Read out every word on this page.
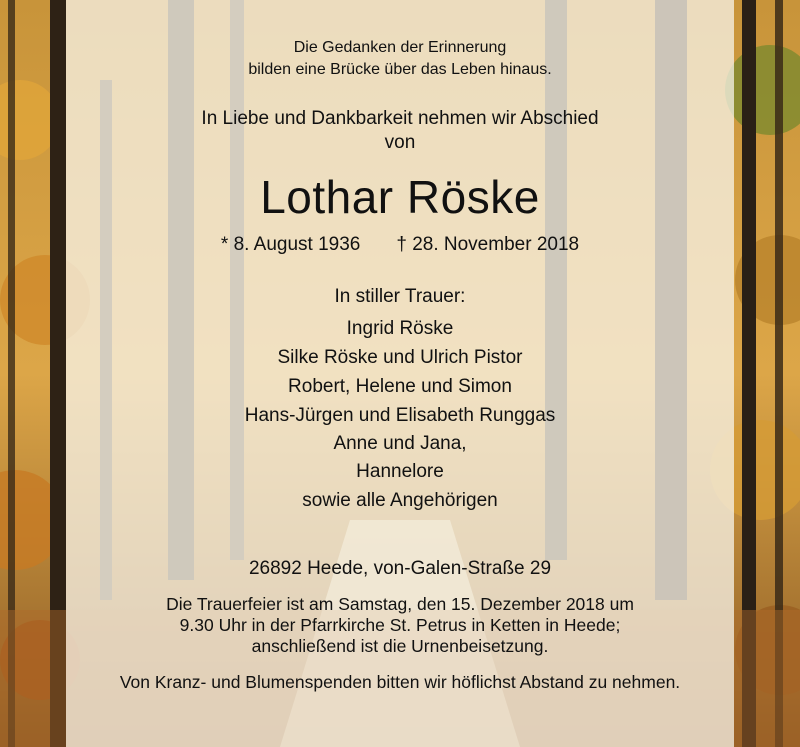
Die Gedanken der Erinnerung
bilden eine Brücke über das Leben hinaus.
In Liebe und Dankbarkeit nehmen wir Abschied
von
Lothar Röske
* 8. August 1936 † 28. November 2018
In stiller Trauer:
Ingrid Röske
Silke Röske und Ulrich Pistor
Robert, Helene und Simon
Hans-Jürgen und Elisabeth Runggas
Anne und Jana,
Hannelore
sowie alle Angehörigen
26892 Heede, von-Galen-Straße 29
Die Trauerfeier ist am Samstag, den 15. Dezember 2018 um
9.30 Uhr in der Pfarrkirche St. Petrus in Ketten in Heede;
anschließend ist die Urnenbeisetzung.
Von Kranz- und Blumenspenden bitten wir höflichst Abstand zu nehmen.
